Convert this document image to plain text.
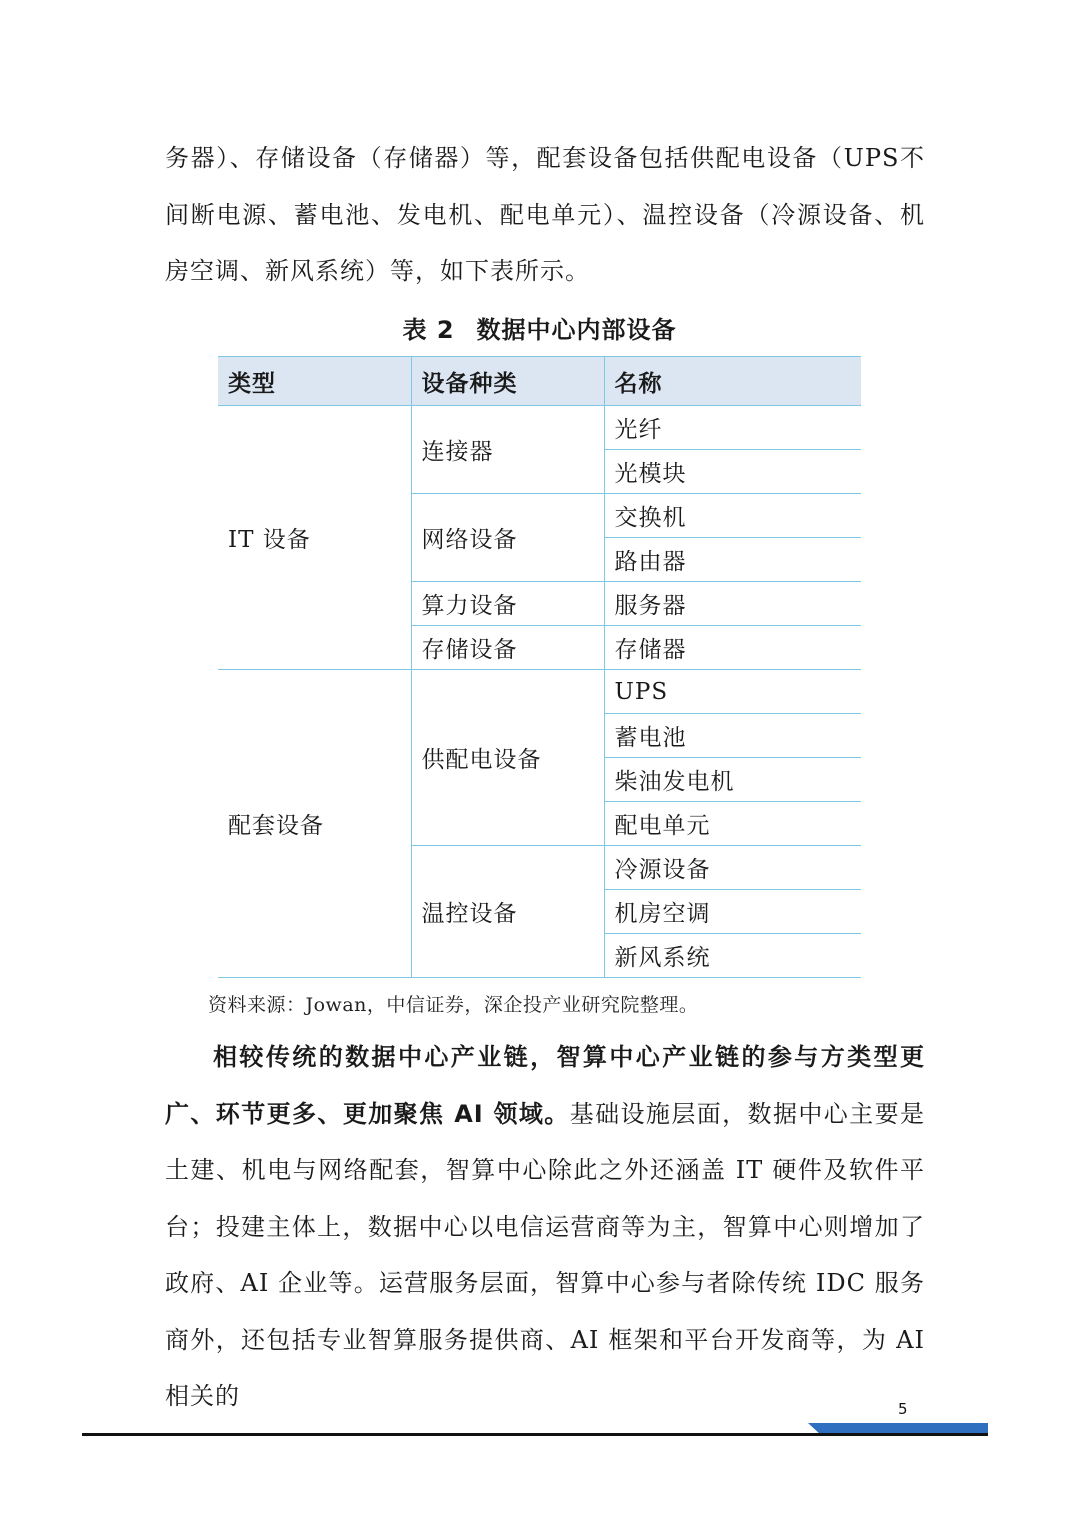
务器）、存储设备（存储器）等，配套设备包括供配电设备（UPS不间断电源、蓄电池、发电机、配电单元）、温控设备（冷源设备、机房空调、新风系统）等，如下表所示。

表 2 数据中心内部设备
类型	设备种类	名称
IT 设备	连接器	光纤
		光模块
	网络设备	交换机
		路由器
	算力设备	服务器
	存储设备	存储器
配套设备	供配电设备	UPS
		蓄电池
		柴油发电机
		配电单元
	温控设备	冷源设备
		机房空调
		新风系统
资料来源：Jowan，中信证券，深企投产业研究院整理。

相较传统的数据中心产业链，智算中心产业链的参与方类型更广、环节更多、更加聚焦 AI 领域。基础设施层面，数据中心主要是土建、机电与网络配套，智算中心除此之外还涵盖 IT 硬件及软件平台；投建主体上，数据中心以电信运营商等为主，智算中心则增加了政府、AI 企业等。运营服务层面，智算中心参与者除传统 IDC 服务商外，还包括专业智算服务提供商、AI 框架和平台开发商等，为 AI 相关的	5
